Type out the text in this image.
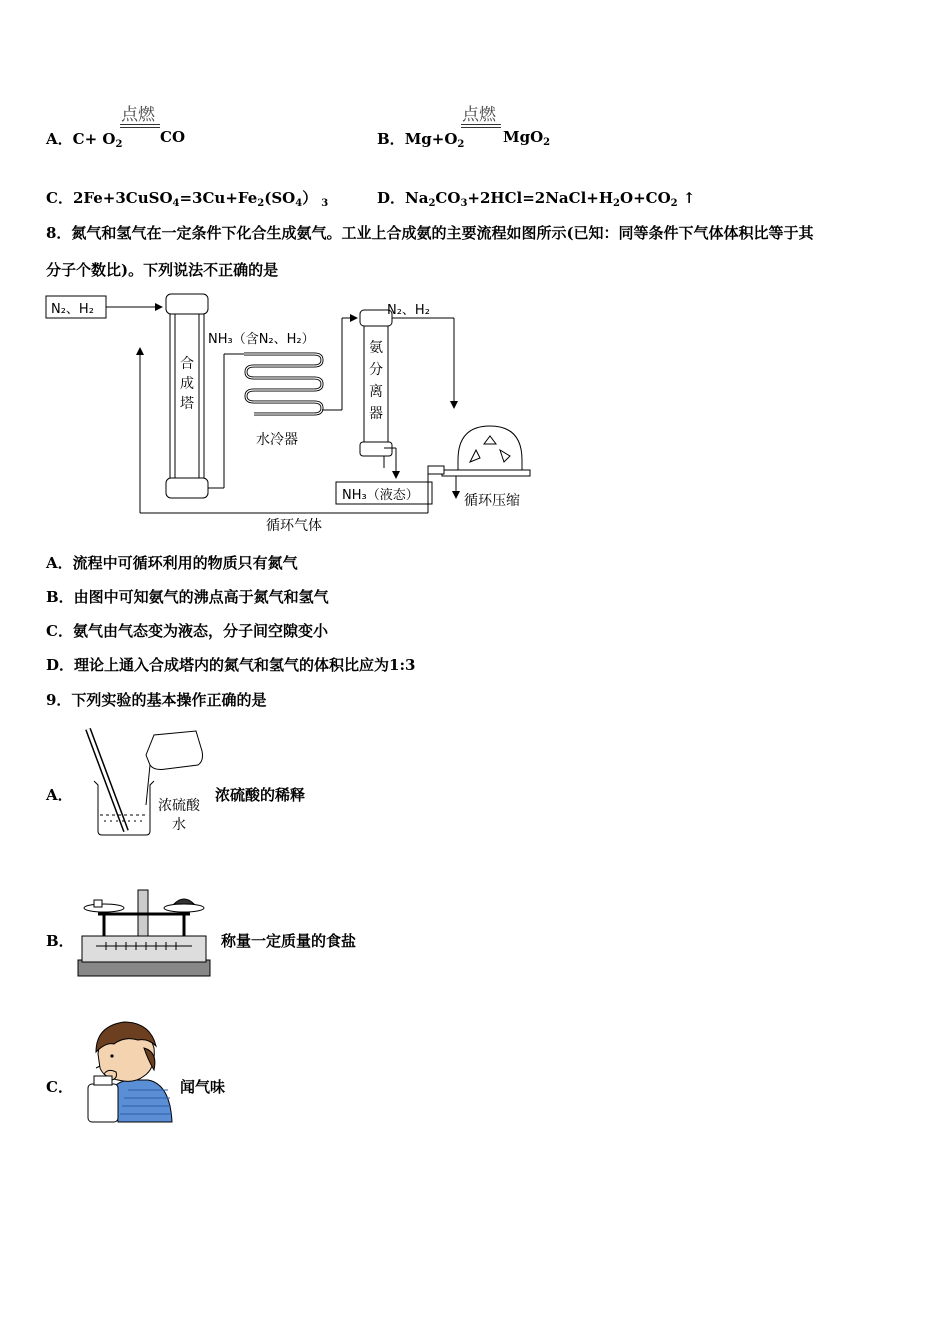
A．$C+ O_2$
点燃
CO	B．$Mg+O_2$
点燃
MgO$_2$
C．$2Fe+3CuSO_4=3Cu+Fe_2(SO_4)$ $_3$	D．$Na_2CO_3+2HCl=2NaCl+H_2O+CO_2$ ↑
8．氮气和氢气在一定条件下化合生成氨气。工业上合成氨的主要流程如图所示(已知：同等条件下气体体积比等于其
分子个数比)。下列说法不正确的是
N₂、H₂
合
成
塔
NH₃（含N₂、H₂）
水冷器
氨
分
离
器
N₂、H₂
NH₃（液态）	循环压缩
循环气体
A．流程中可循环利用的物质只有氮气
B．由图中可知氨气的沸点高于氮气和氢气
C．氨气由气态变为液态，分子间空隙变小
D．理论上通入合成塔内的氮气和氢气的体积比应为1:3
9．下列实验的基本操作正确的是
A．
浓硫酸
水
浓硫酸的稀释
B．	称量一定质量的食盐
C．	闻气味
